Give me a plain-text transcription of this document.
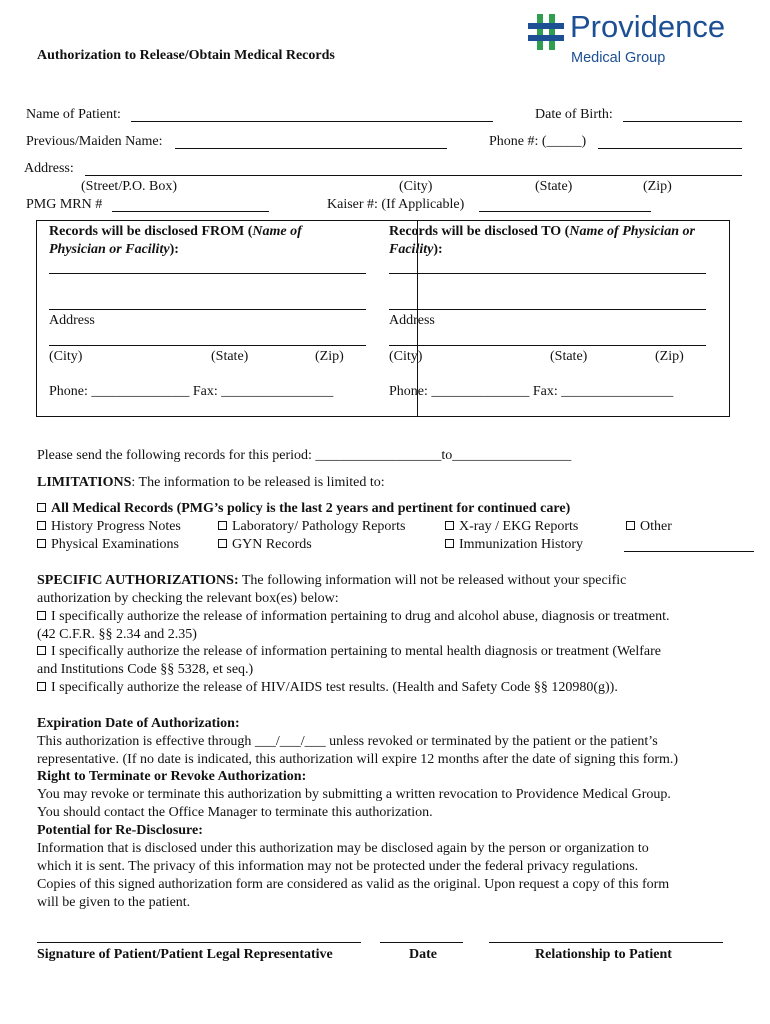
Providence
Medical Group
Authorization to Release/Obtain Medical Records
Name of Patient:	Date of Birth:
Previous/Maiden Name:	Phone #: (_____)
Address:
(Street/P.O. Box)	(City)	(State)	(Zip)
PMG MRN #	Kaiser #: (If Applicable)
Records will be disclosed FROM (Name of
Physician or Facility):
Address
(City)	(State)	(Zip)
Phone: ______________ Fax: ________________
Records will be disclosed TO (Name of Physician or
Facility):
Address
(City)	(State)	(Zip)
Phone: ______________ Fax: ________________
Please send the following records for this period: __________________to_________________
LIMITATIONS: The information to be released is limited to:
All Medical Records (PMG’s policy is the last 2 years and pertinent for continued care)
History Progress Notes	Laboratory/ Pathology Reports	X-ray / EKG Reports	Other
Physical Examinations	GYN Records	Immunization History
SPECIFIC AUTHORIZATIONS: The following information will not be released without your specific
authorization by checking the relevant box(es) below:
I specifically authorize the release of information pertaining to drug and alcohol abuse, diagnosis or treatment.
(42 C.F.R. §§ 2.34 and 2.35)
I specifically authorize the release of information pertaining to mental health diagnosis or treatment (Welfare
and Institutions Code §§ 5328, et seq.)
I specifically authorize the release of HIV/AIDS test results. (Health and Safety Code §§ 120980(g)).
Expiration Date of Authorization:
This authorization is effective through ___/___/___ unless revoked or terminated by the patient or the patient’s
representative. (If no date is indicated, this authorization will expire 12 months after the date of signing this form.)
Right to Terminate or Revoke Authorization:
You may revoke or terminate this authorization by submitting a written revocation to Providence Medical Group.
You should contact the Office Manager to terminate this authorization.
Potential for Re-Disclosure:
Information that is disclosed under this authorization may be disclosed again by the person or organization to
which it is sent. The privacy of this information may not be protected under the federal privacy regulations.
Copies of this signed authorization form are considered as valid as the original. Upon request a copy of this form
will be given to the patient.
Signature of Patient/Patient Legal Representative	Date	Relationship to Patient
